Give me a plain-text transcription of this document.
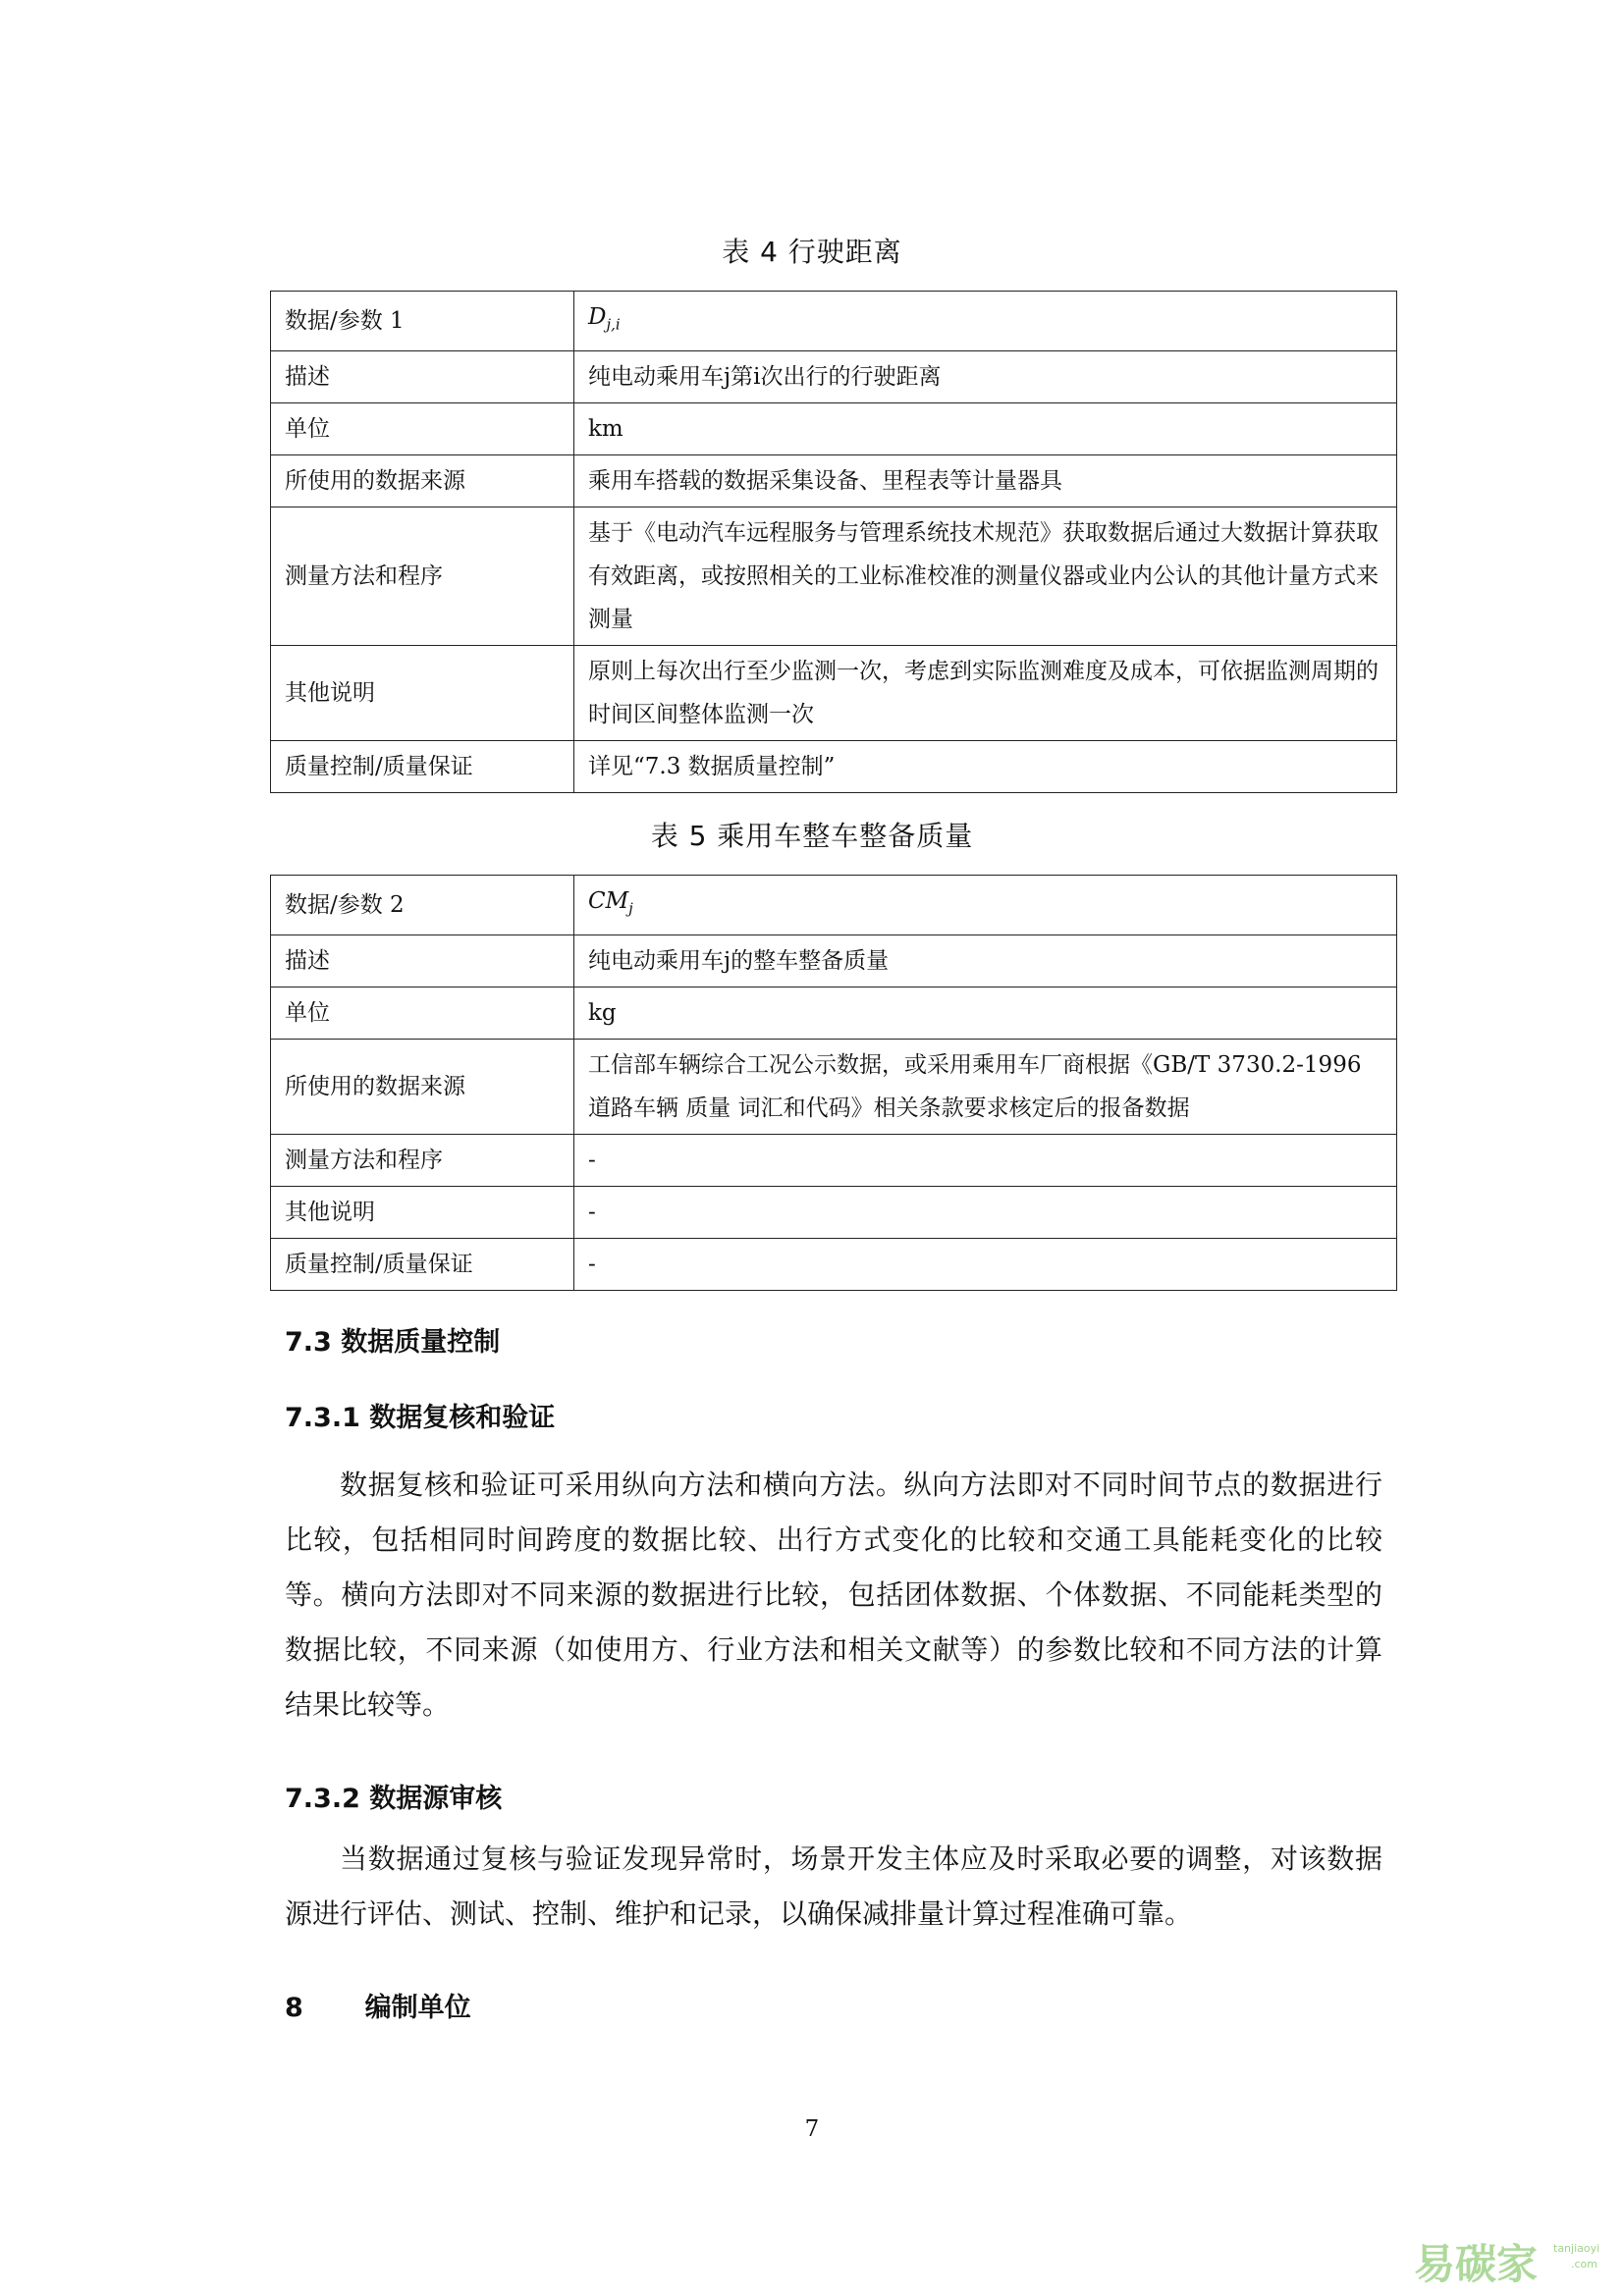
表 4 行驶距离
数据/参数 1	$D_{j,i}$
描述	纯电动乘用车j第i次出行的行驶距离
单位	km
所使用的数据来源	乘用车搭载的数据采集设备、里程表等计量器具
测量方法和程序	基于《电动汽车远程服务与管理系统技术规范》获取数据后通过大数据计算获取有效距离，或按照相关的工业标准校准的测量仪器或业内公认的其他计量方式来测量
其他说明	原则上每次出行至少监测一次，考虑到实际监测难度及成本，可依据监测周期的时间区间整体监测一次
质量控制/质量保证	详见“7.3 数据质量控制”
表 5 乘用车整车整备质量
数据/参数 2	$CM_j$
描述	纯电动乘用车j的整车整备质量
单位	kg
所使用的数据来源	工信部车辆综合工况公示数据，或采用乘用车厂商根据《GB/T 3730.2-1996 道路车辆 质量 词汇和代码》相关条款要求核定后的报备数据
测量方法和程序	-
其他说明	-
质量控制/质量保证	-
7.3 数据质量控制
7.3.1 数据复核和验证

数据复核和验证可采用纵向方法和横向方法。纵向方法即对不同时间节点的数据进行比较，包括相同时间跨度的数据比较、出行方式变化的比较和交通工具能耗变化的比较等。横向方法即对不同来源的数据进行比较，包括团体数据、个体数据、不同能耗类型的数据比较，不同来源（如使用方、行业方法和相关文献等）的参数比较和不同方法的计算结果比较等。

7.3.2 数据源审核

当数据通过复核与验证发现异常时，场景开发主体应及时采取必要的调整，对该数据源进行评估、测试、控制、维护和记录，以确保减排量计算过程准确可靠。

8 编制单位
7
易碳家 tanjiaoyi
.com
